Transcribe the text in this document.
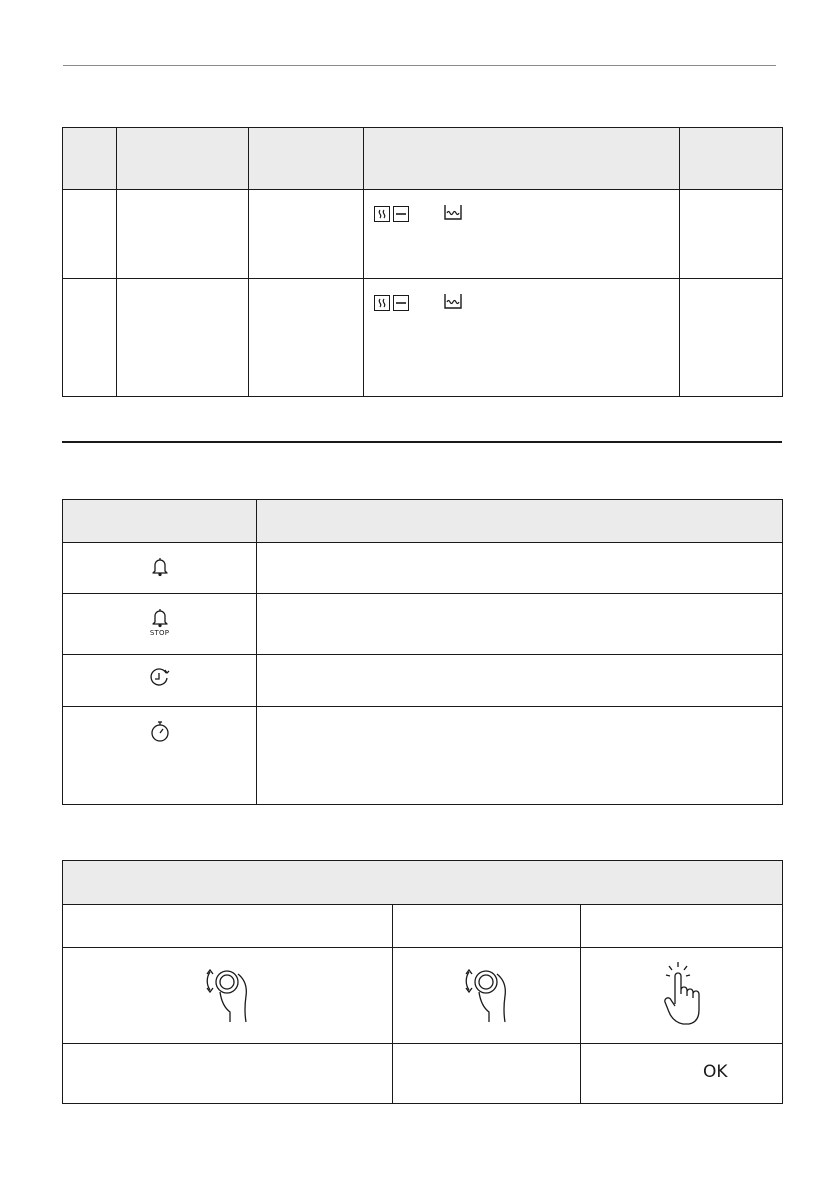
STOP	

		OK
